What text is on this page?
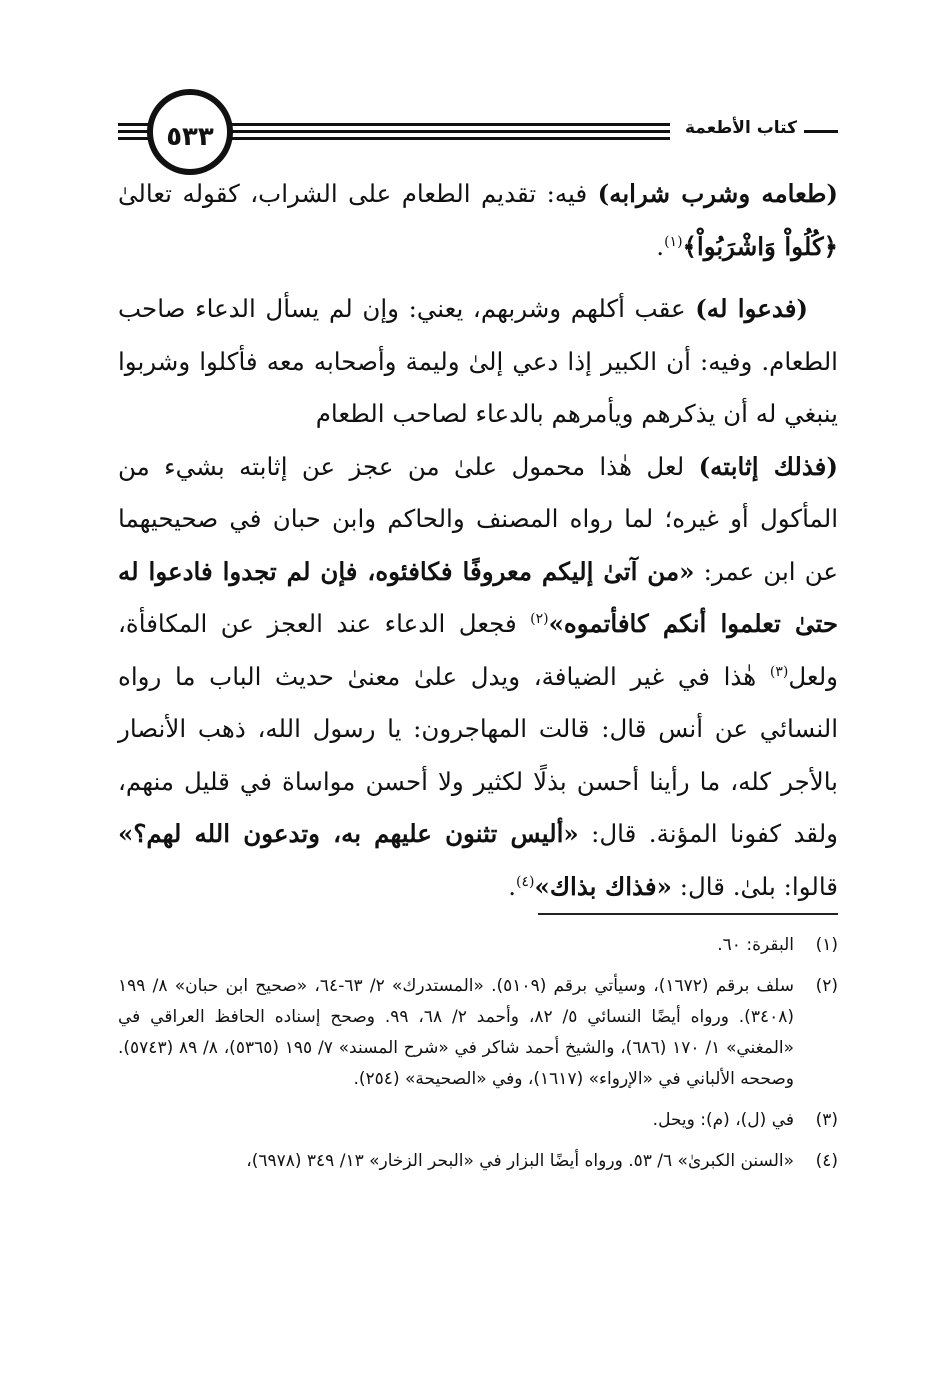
كتاب الأطعمة
٥٣٣

(طعامه وشرب شرابه) فيه: تقديم الطعام على الشراب، كقوله تعالىٰ ﴿كُلُواْ وَاشْرَبُواْ﴾$^{(١)}$.

(فدعوا له) عقب أكلهم وشربهم، يعني: وإن لم يسأل الدعاء صاحب الطعام. وفيه: أن الكبير إذا دعي إلىٰ وليمة وأصحابه معه فأكلوا وشربوا ينبغي له أن يذكرهم ويأمرهم بالدعاء لصاحب الطعام

(فذلك إثابته) لعل هٰذا محمول علىٰ من عجز عن إثابته بشيء من المأكول أو غيره؛ لما رواه المصنف والحاكم وابن حبان في صحيحيهما عن ابن عمر: «من آتىٰ إليكم معروفًا فكافئوه، فإن لم تجدوا فادعوا له حتىٰ تعلموا أنكم كافأتموه»$^{(٢)}$ فجعل الدعاء عند العجز عن المكافأة، ولعل$^{(٣)}$ هٰذا في غير الضيافة، ويدل علىٰ معنىٰ حديث الباب ما رواه النسائي عن أنس قال: قالت المهاجرون: يا رسول الله، ذهب الأنصار بالأجر كله، ما رأينا أحسن بذلًا لكثير ولا أحسن مواساة في قليل منهم، ولقد كفونا المؤنة. قال: «أليس تثنون عليهم به، وتدعون الله لهم؟» قالوا: بلىٰ. قال: «فذاك بذاك»$^{(٤)}$.

(١)
البقرة: ٦٠.
(٢)
سلف برقم (١٦٧٢)، وسيأتي برقم (٥١٠٩). «المستدرك» ٢/ ٦٣-٦٤، «صحيح ابن حبان» ٨/ ١٩٩ (٣٤٠٨). ورواه أيضًا النسائي ٥/ ٨٢، وأحمد ٢/ ٦٨، ٩٩. وصحح إسناده الحافظ العراقي في «المغني» ١/ ١٧٠ (٦٨٦)، والشيخ أحمد شاكر في «شرح المسند» ٧/ ١٩٥ (٥٣٦٥)، ٨/ ٨٩ (٥٧٤٣). وصححه الألباني في «الإرواء» (١٦١٧)، وفي «الصحيحة» (٢٥٤).
(٣)
في (ل)، (م): ويحل.
(٤)
«السنن الكبرىٰ» ٦/ ٥٣. ورواه أيضًا البزار في «البحر الزخار» ١٣/ ٣٤٩ (٦٩٧٨)،
